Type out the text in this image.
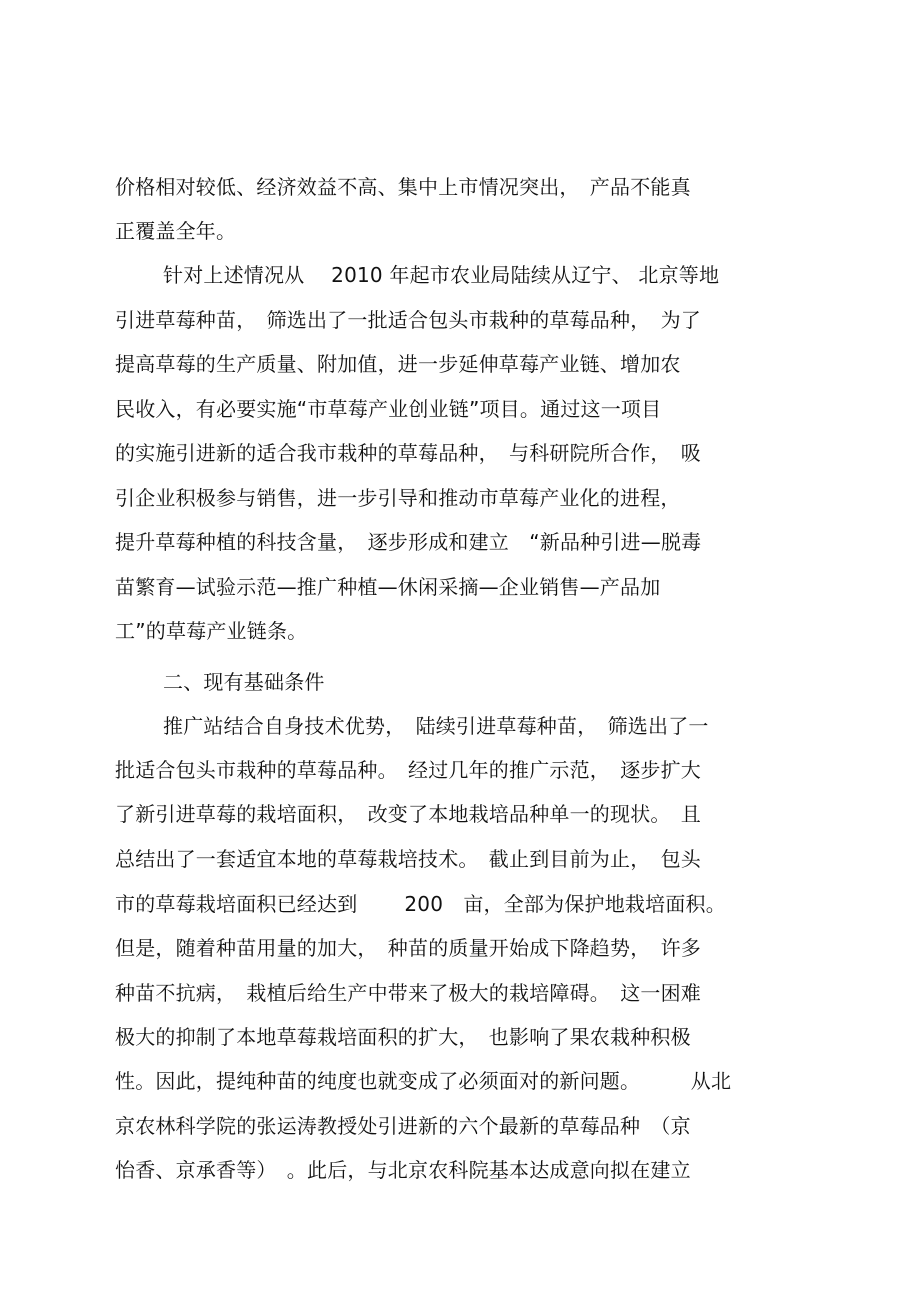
价格相对较低、经济效益不高、集中上市情况突出，　产品不能真
正覆盖全年。
针对上述情况从　 2010 年起市农业局陆续从辽宁、 北京等地
引进草莓种苗，　筛选出了一批适合包头市栽种的草莓品种，　为了
提高草莓的生产质量、附加值，进一步延伸草莓产业链、增加农
民收入，有必要实施“市草莓产业创业链”项目。通过这一项目
的实施引进新的适合我市栽种的草莓品种，　与科研院所合作，　吸
引企业积极参与销售，进一步引导和推动市草莓产业化的进程，
提升草莓种植的科技含量，　逐步形成和建立　“新品种引进—脱毒
苗繁育—试验示范—推广种植—休闲采摘—企业销售—产品加
工”的草莓产业链条。
二、现有基础条件
推广站结合自身技术优势，　陆续引进草莓种苗，　筛选出了一
批适合包头市栽种的草莓品种。　经过几年的推广示范，　逐步扩大
了新引进草莓的栽培面积，　改变了本地栽培品种单一的现状。　且
总结出了一套适宜本地的草莓栽培技术。　截止到目前为止，　包头
市的草莓栽培面积已经达到　　 200　亩，全部为保护地栽培面积。
但是，随着种苗用量的加大，　种苗的质量开始成下降趋势，　许多
种苗不抗病，　栽植后给生产中带来了极大的栽培障碍。　这一困难
极大的抑制了本地草莓栽培面积的扩大，　也影响了果农栽种积极
性。因此，提纯种苗的纯度也就变成了必须面对的新问题。　　　从北
京农林科学院的张运涛教授处引进新的六个最新的草莓品种　（京
怡香、京承香等）　。此后，与北京农科院基本达成意向拟在建立
